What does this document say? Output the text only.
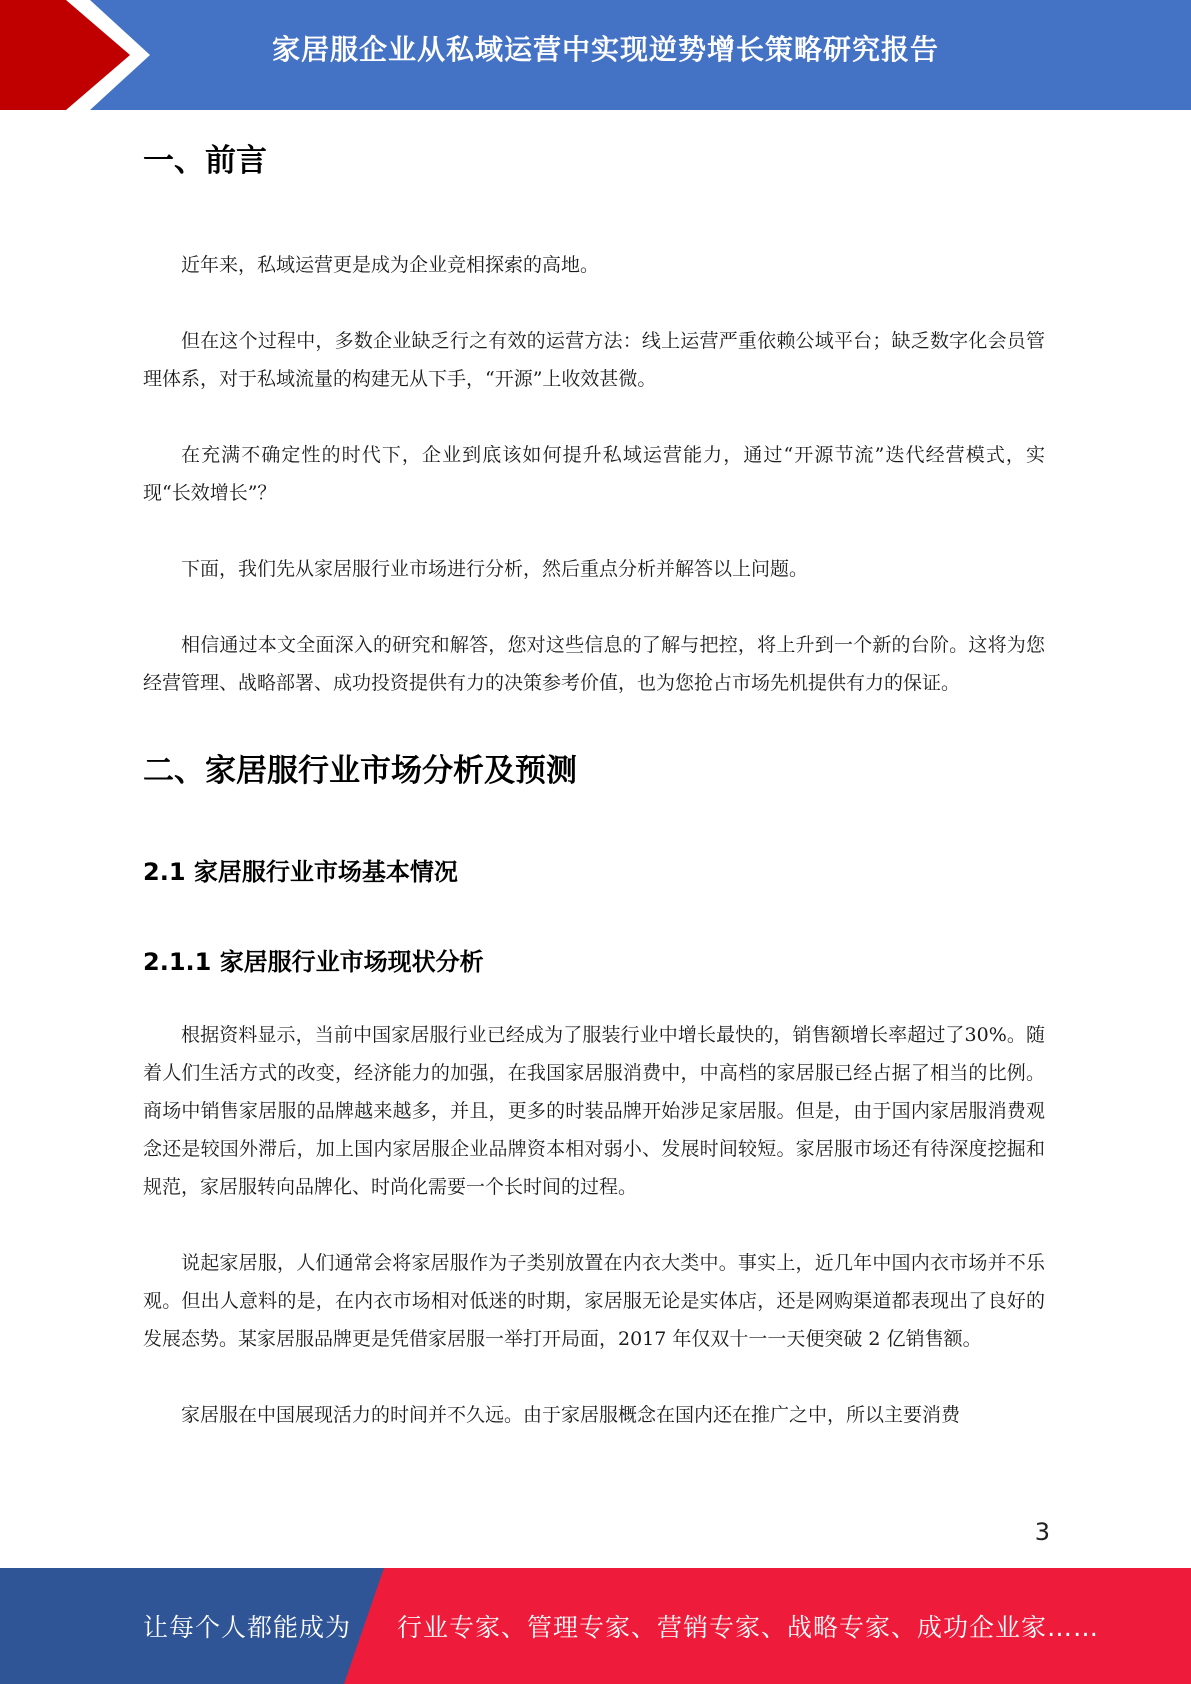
家居服企业从私域运营中实现逆势增长策略研究报告
一、前言

近年来，私域运营更是成为企业竞相探索的高地。

但在这个过程中，多数企业缺乏行之有效的运营方法：线上运营严重依赖公域平台；缺乏数字化会员管理体系，对于私域流量的构建无从下手，“开源”上收效甚微。

在充满不确定性的时代下，企业到底该如何提升私域运营能力，通过“开源节流”迭代经营模式，实现“长效增长”？

下面，我们先从家居服行业市场进行分析，然后重点分析并解答以上问题。

相信通过本文全面深入的研究和解答，您对这些信息的了解与把控，将上升到一个新的台阶。这将为您经营管理、战略部署、成功投资提供有力的决策参考价值，也为您抢占市场先机提供有力的保证。

二、家居服行业市场分析及预测
2.1 家居服行业市场基本情况
2.1.1 家居服行业市场现状分析

根据资料显示，当前中国家居服行业已经成为了服装行业中增长最快的，销售额增长率超过了30%。随着人们生活方式的改变，经济能力的加强，在我国家居服消费中，中高档的家居服已经占据了相当的比例。商场中销售家居服的品牌越来越多，并且，更多的时装品牌开始涉足家居服。但是，由于国内家居服消费观念还是较国外滞后，加上国内家居服企业品牌资本相对弱小、发展时间较短。家居服市场还有待深度挖掘和规范，家居服转向品牌化、时尚化需要一个长时间的过程。

说起家居服，人们通常会将家居服作为子类别放置在内衣大类中。事实上，近几年中国内衣市场并不乐观。但出人意料的是，在内衣市场相对低迷的时期，家居服无论是实体店，还是网购渠道都表现出了良好的发展态势。某家居服品牌更是凭借家居服一举打开局面，2017 年仅双十一一天便突破 2 亿销售额。

家居服在中国展现活力的时间并不久远。由于家居服概念在国内还在推广之中，所以主要消费

3
让每个人都能成为 行业专家、管理专家、营销专家、战略专家、成功企业家……
